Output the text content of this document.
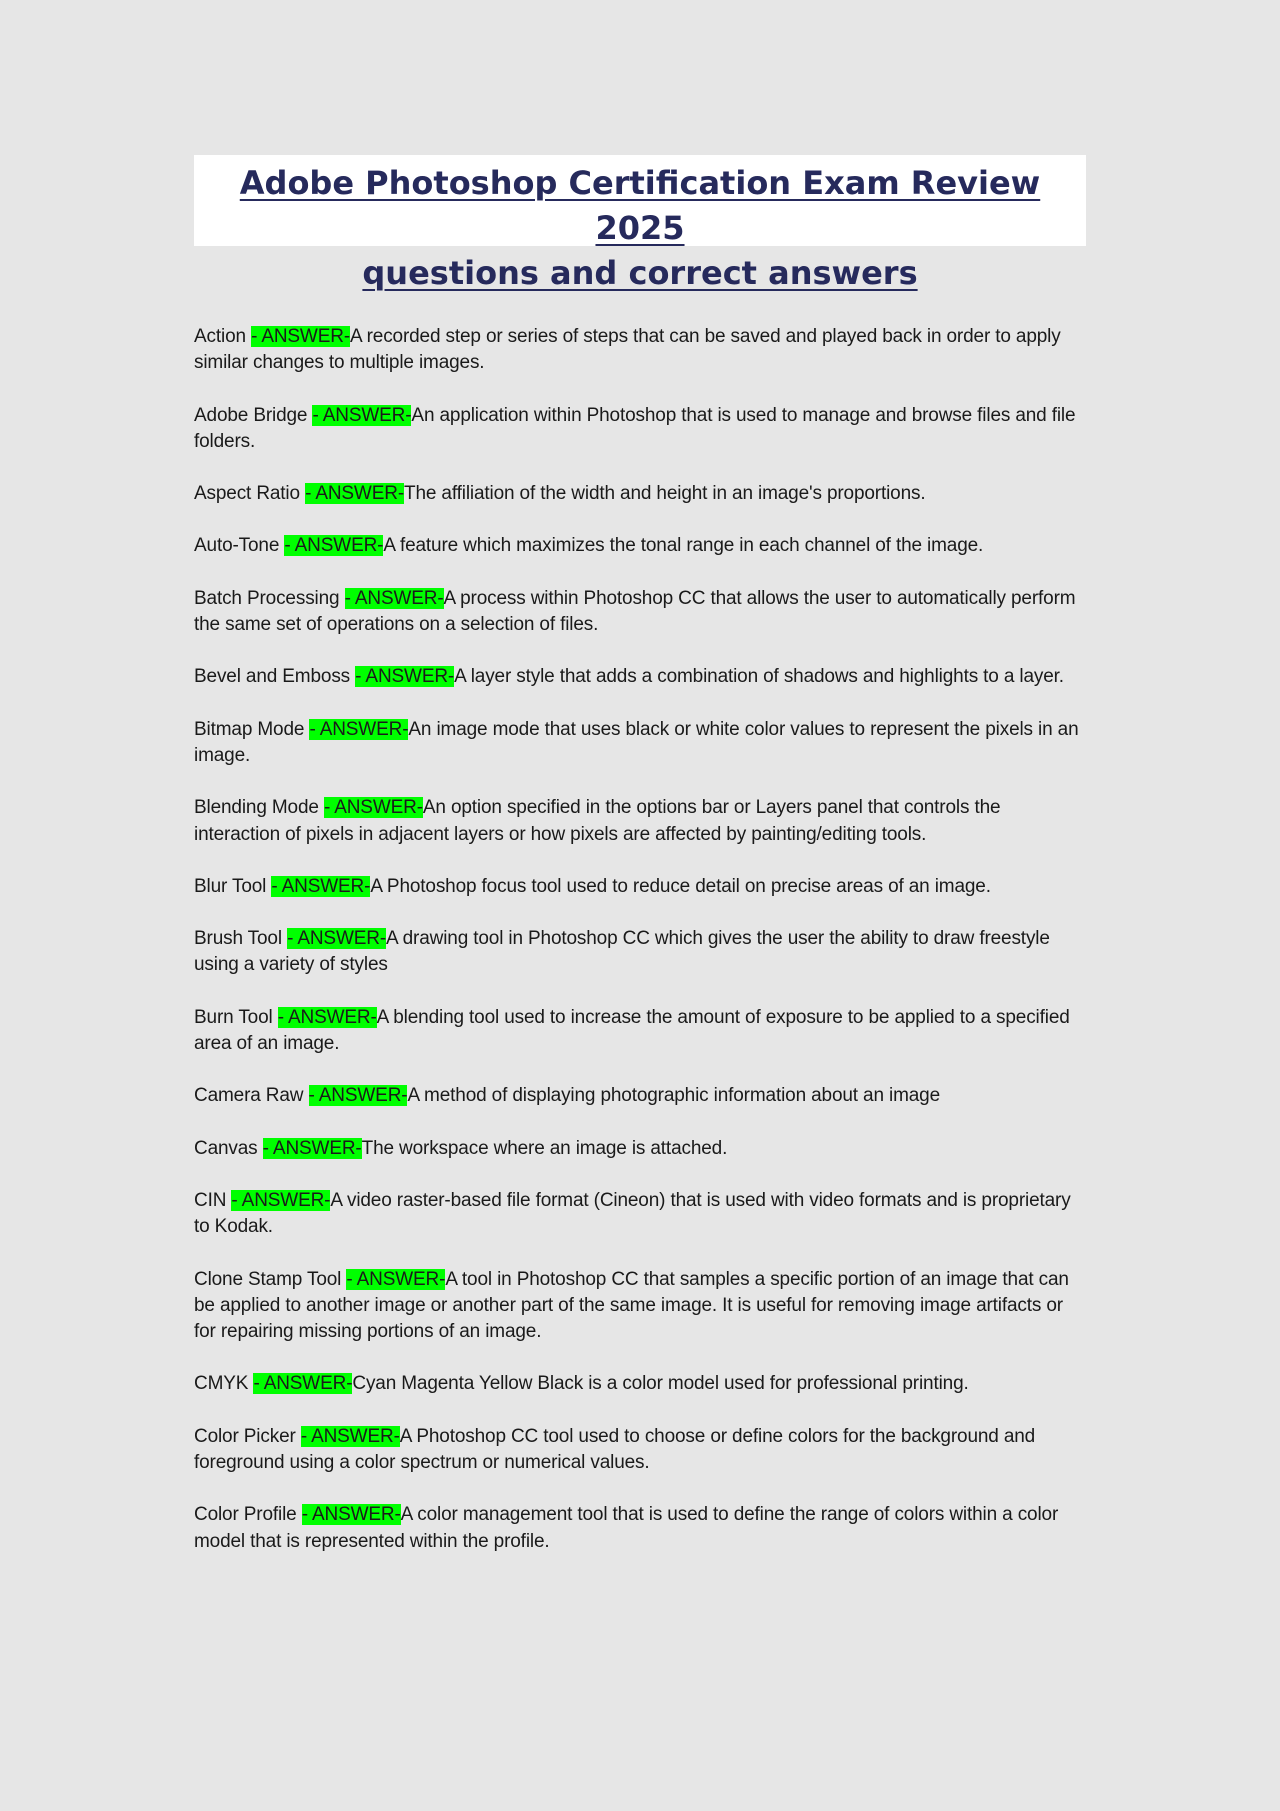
Adobe Photoshop Certification Exam Review 2025
questions and correct answers

Action - ANSWER-A recorded step or series of steps that can be saved and played back in order to apply similar changes to multiple images.

Adobe Bridge - ANSWER-An application within Photoshop that is used to manage and browse files and file folders.

Aspect Ratio - ANSWER-The affiliation of the width and height in an image's proportions.

Auto-Tone - ANSWER-A feature which maximizes the tonal range in each channel of the image.

Batch Processing - ANSWER-A process within Photoshop CC that allows the user to automatically perform the same set of operations on a selection of files.

Bevel and Emboss - ANSWER-A layer style that adds a combination of shadows and highlights to a layer.

Bitmap Mode - ANSWER-An image mode that uses black or white color values to represent the pixels in an image.

Blending Mode - ANSWER-An option specified in the options bar or Layers panel that controls the interaction of pixels in adjacent layers or how pixels are affected by painting/editing tools.

Blur Tool - ANSWER-A Photoshop focus tool used to reduce detail on precise areas of an image.

Brush Tool - ANSWER-A drawing tool in Photoshop CC which gives the user the ability to draw freestyle using a variety of styles

Burn Tool - ANSWER-A blending tool used to increase the amount of exposure to be applied to a specified area of an image.

Camera Raw - ANSWER-A method of displaying photographic information about an image

Canvas - ANSWER-The workspace where an image is attached.

CIN - ANSWER-A video raster-based file format (Cineon) that is used with video formats and is proprietary to Kodak.

Clone Stamp Tool - ANSWER-A tool in Photoshop CC that samples a specific portion of an image that can be applied to another image or another part of the same image. It is useful for removing image artifacts or for repairing missing portions of an image.

CMYK - ANSWER-Cyan Magenta Yellow Black is a color model used for professional printing.

Color Picker - ANSWER-A Photoshop CC tool used to choose or define colors for the background and foreground using a color spectrum or numerical values.

Color Profile - ANSWER-A color management tool that is used to define the range of colors within a color model that is represented within the profile.
